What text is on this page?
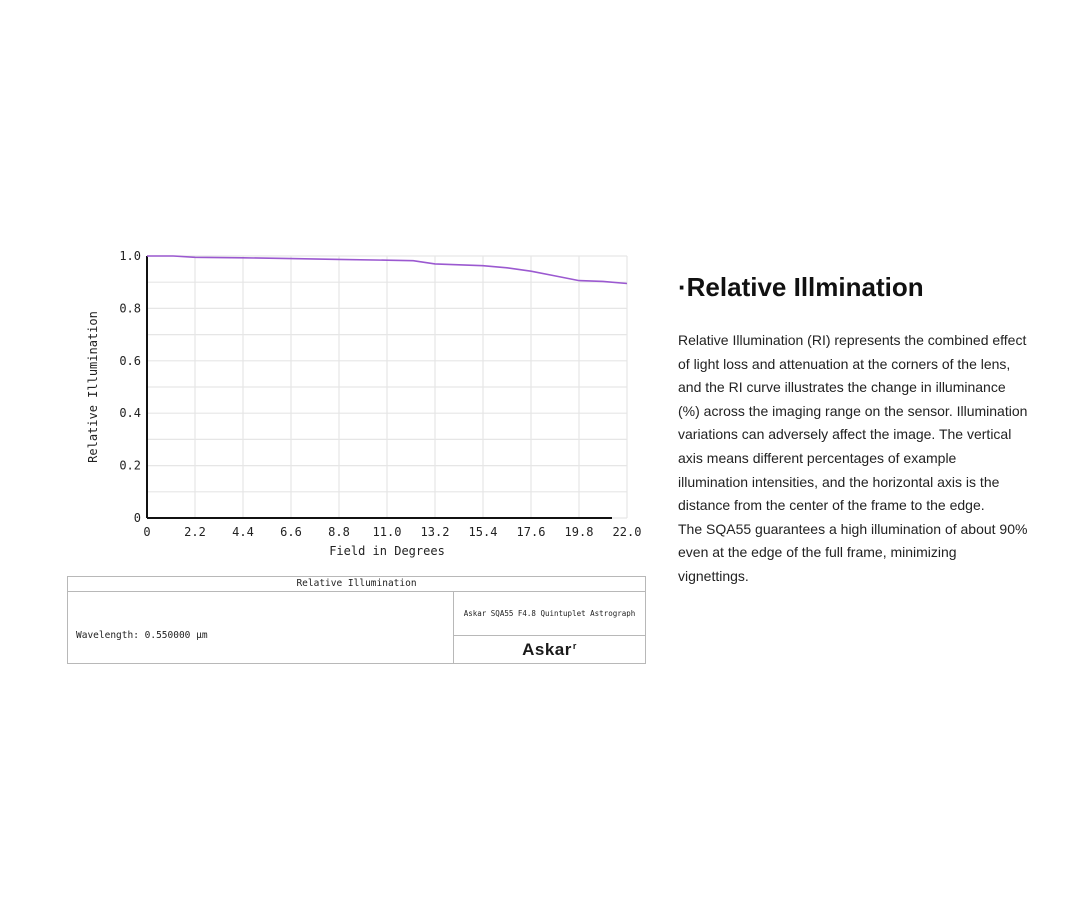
0	2.2 4.4 6.6 8.8 11.0 13.2 15.4 17.6 19.8 22.0
0
0.2
0.4
0.6
0.8
1.0
Field in Degrees
Relative Illumination
Relative Illumination
Wavelength: 0.550000 µm
Askar SQA55 F4.8 Quintuplet Astrograph
Askar$^r$
·Relative Illmination

Relative Illumination (RI) represents the combined effect of light loss and attenuation at the corners of the lens, and the RI curve illustrates the change in illuminance (%) across the imaging range on the sensor. Illumination variations can adversely affect the image. The vertical axis means different percentages of example illumination intensities, and the horizontal axis is the distance from the center of the frame to the edge.

The SQA55 guarantees a high illumination of about 90% even at the edge of the full frame, minimizing vignettings.
